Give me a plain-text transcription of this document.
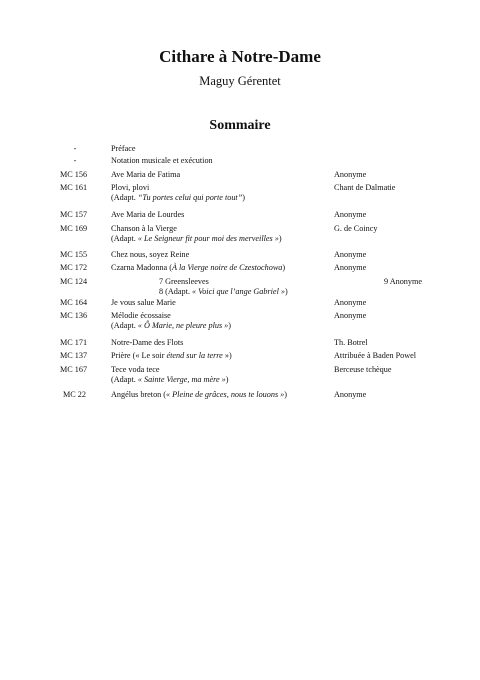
Cithare à Notre-Dame
Maguy Gérentet
Sommaire
-	Préface
-	Notation musicale et exécution
MC 156	Ave Maria de Fatima	Anonyme
MC 161	Plovi, plovi	Chant de Dalmatie
(Adapt. “Tu portes celui qui porte tout”)
MC 157	Ave Maria de Lourdes	Anonyme
MC 169	Chanson à la Vierge	G. de Coincy
(Adapt. « Le Seigneur fit pour moi des merveilles »)
MC 155	Chez nous, soyez Reine	Anonyme
MC 172	Czarna Madonna (À la Vierge noire de Czestochowa)	Anonyme
MC 124	7 Greensleeves	9 Anonyme
8 (Adapt. « Voici que l’ange Gabriel »)
MC 164	Je vous salue Marie	Anonyme
MC 136	Mélodie écossaise	Anonyme
(Adapt. « Ô Marie, ne pleure plus »)
MC 171	Notre-Dame des Flots	Th. Botrel
MC 137	Prière (« Le soir étend sur la terre »)	Attribuée à Baden Powel
MC 167	Tece voda tece	Berceuse tchèque
(Adapt. « Sainte Vierge, ma mère »)
MC 22	Angélus breton (« Pleine de grâces, nous te louons »)	Anonyme
